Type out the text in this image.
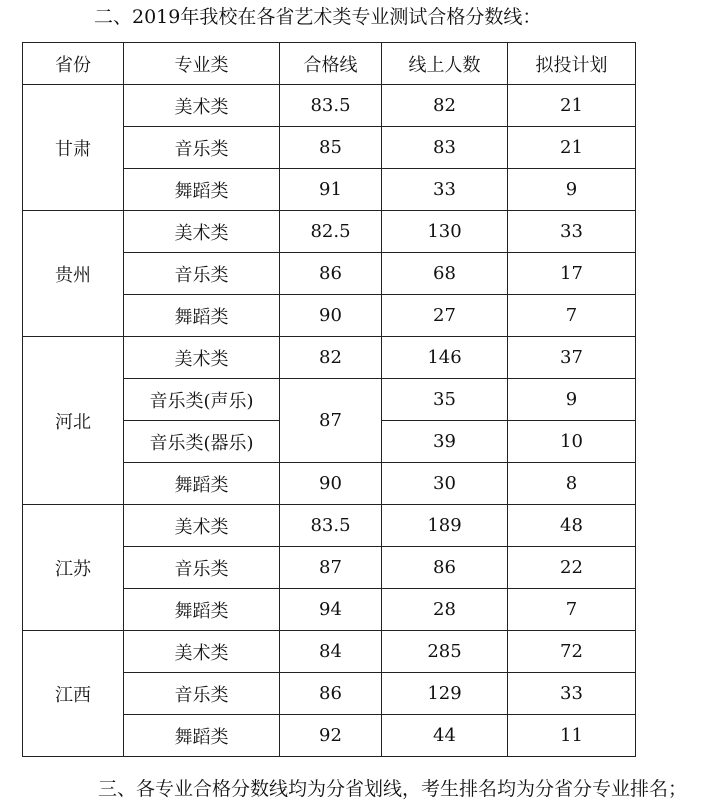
二、2019年我校在各省艺术类专业测试合格分数线：
省份	专业类	合格线	线上人数	拟投计划
甘肃	美术类	83.5	82	21
	音乐类	85	83	21
	舞蹈类	91	33	9
贵州	美术类	82.5	130	33
	音乐类	86	68	17
	舞蹈类	90	27	7
河北	美术类	82	146	37
	音乐类(声乐)	87	35	9
	音乐类(器乐)		39	10
	舞蹈类	90	30	8
江苏	美术类	83.5	189	48
	音乐类	87	86	22
	舞蹈类	94	28	7
江西	美术类	84	285	72
	音乐类	86	129	33
	舞蹈类	92	44	11
三、各专业合格分数线均为分省划线，考生排名均为分省分专业排名；
